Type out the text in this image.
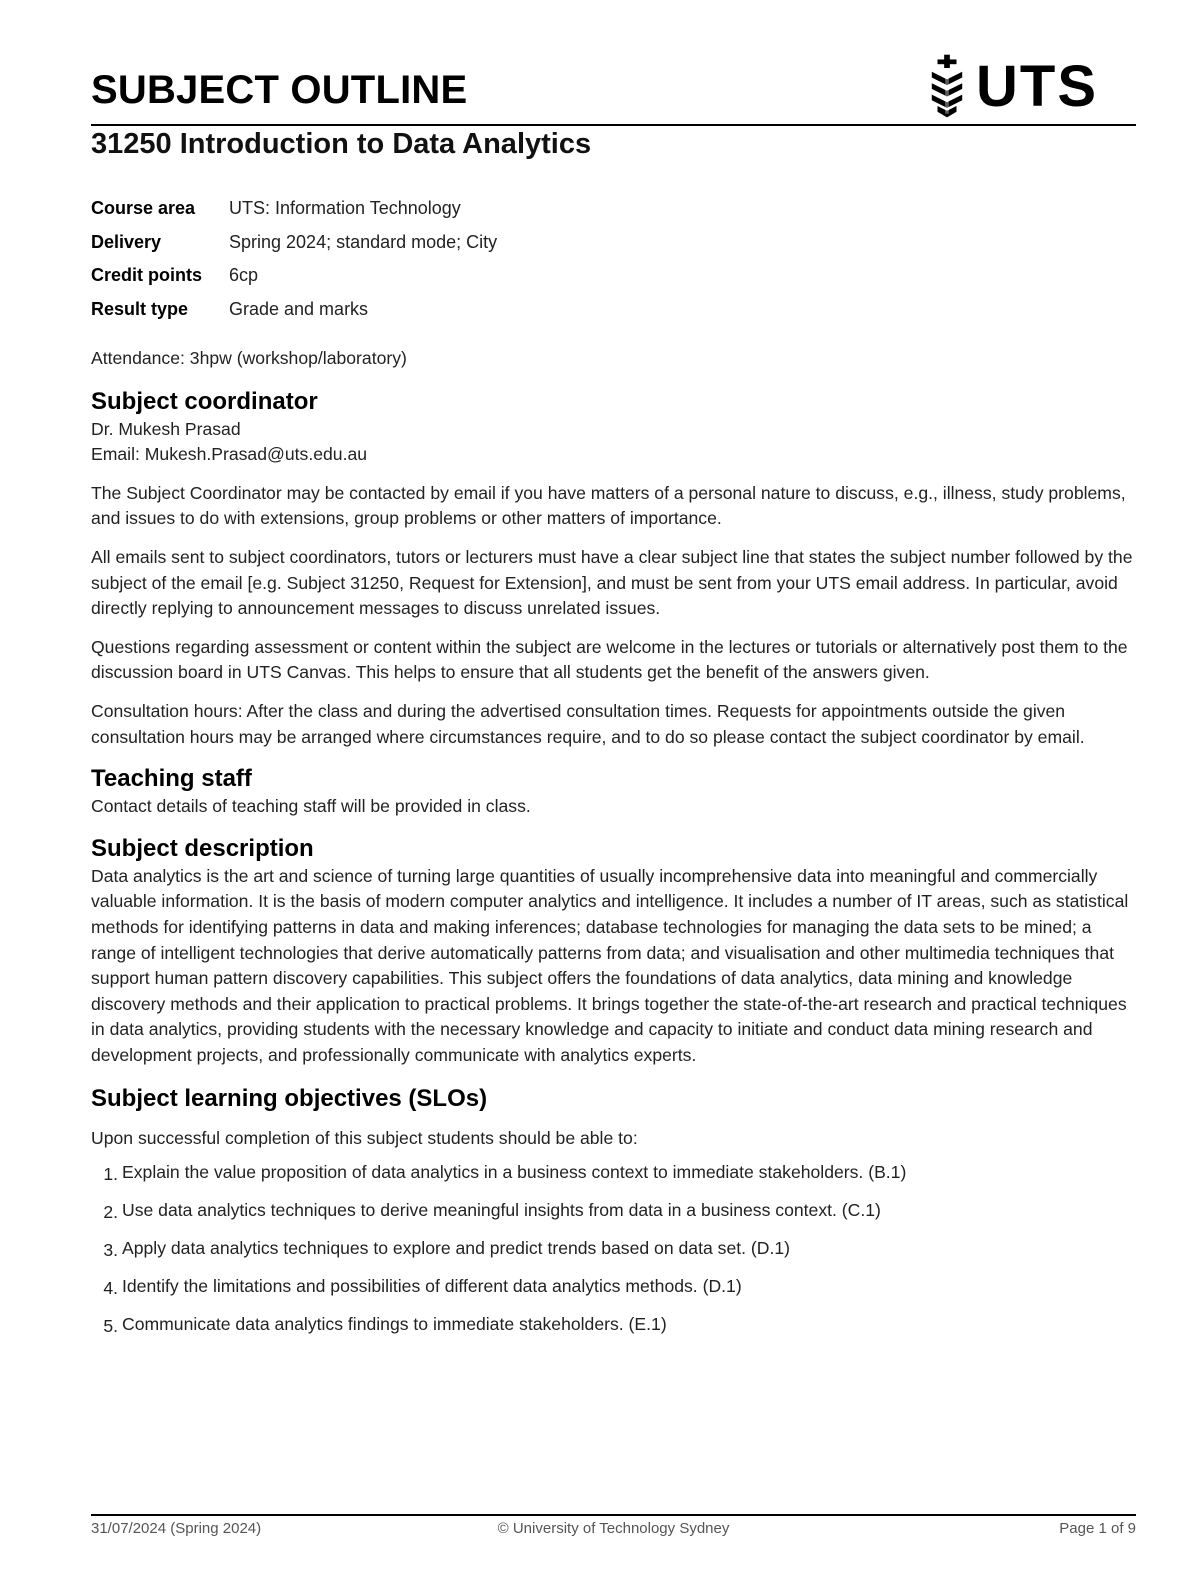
SUBJECT OUTLINE	UTS
31250 Introduction to Data Analytics
Course area	UTS: Information Technology
Delivery	Spring 2024; standard mode; City
Credit points	6cp
Result type	Grade and marks

Attendance: 3hpw (workshop/laboratory)

Subject coordinator

Dr. Mukesh Prasad

Email: Mukesh.Prasad@uts.edu.au

The Subject Coordinator may be contacted by email if you have matters of a personal nature to discuss, e.g., illness, study problems, and issues to do with extensions, group problems or other matters of importance.

All emails sent to subject coordinators, tutors or lecturers must have a clear subject line that states the subject number followed by the subject of the email [e.g. Subject 31250, Request for Extension], and must be sent from your UTS email address. In particular, avoid directly replying to announcement messages to discuss unrelated issues.

Questions regarding assessment or content within the subject are welcome in the lectures or tutorials or alternatively post them to the discussion board in UTS Canvas. This helps to ensure that all students get the benefit of the answers given.

Consultation hours: After the class and during the advertised consultation times. Requests for appointments outside the given consultation hours may be arranged where circumstances require, and to do so please contact the subject coordinator by email.

Teaching staff

Contact details of teaching staff will be provided in class.

Subject description

Data analytics is the art and science of turning large quantities of usually incomprehensive data into meaningful and commercially valuable information. It is the basis of modern computer analytics and intelligence. It includes a number of IT areas, such as statistical methods for identifying patterns in data and making inferences; database technologies for managing the data sets to be mined; a range of intelligent technologies that derive automatically patterns from data; and visualisation and other multimedia techniques that support human pattern discovery capabilities. This subject offers the foundations of data analytics, data mining and knowledge discovery methods and their application to practical problems. It brings together the state-of-the-art research and practical techniques in data analytics, providing students with the necessary knowledge and capacity to initiate and conduct data mining research and development projects, and professionally communicate with analytics experts.

Subject learning objectives (SLOs)

Upon successful completion of this subject students should be able to:

1. Explain the value proposition of data analytics in a business context to immediate stakeholders. (B.1)
2. Use data analytics techniques to derive meaningful insights from data in a business context. (C.1)
3. Apply data analytics techniques to explore and predict trends based on data set. (D.1)
4. Identify the limitations and possibilities of different data analytics methods. (D.1)
5. Communicate data analytics findings to immediate stakeholders. (E.1)
31/07/2024 (Spring 2024)	© University of Technology Sydney	Page 1 of 9
